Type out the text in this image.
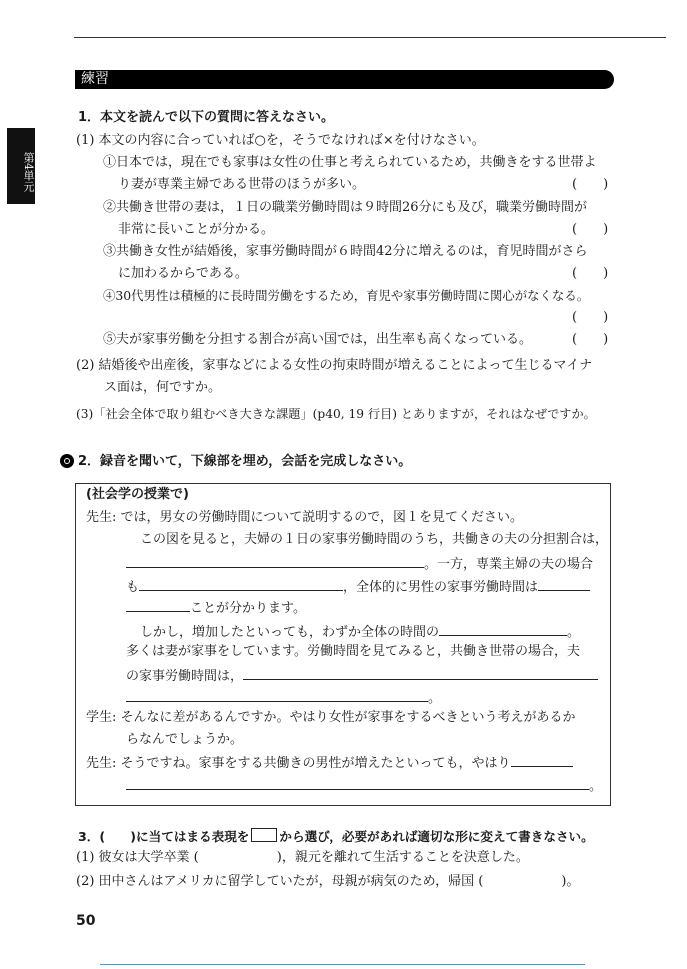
練習
第4単元
1．本文を読んで以下の質問に答えなさい。
(1) 本文の内容に合っていれば○を，そうでなければ×を付けなさい。
①日本では，現在でも家事は女性の仕事と考えられているため，共働きをする世帯よ
り妻が専業主婦である世帯のほうが多い。	(　　)
②共働き世帯の妻は，１日の職業労働時間は９時間26分にも及び，職業労働時間が
非常に長いことが分かる。	(　　)
③共働き女性が結婚後，家事労働時間が６時間42分に増えるのは，育児時間がさら
に加わるからである。	(　　)
④30代男性は積極的に長時間労働をするため，育児や家事労働時間に関心がなくなる。
(　　)
⑤夫が家事労働を分担する割合が高い国では，出生率も高くなっている。	(　　)
(2) 結婚後や出産後，家事などによる女性の拘束時間が増えることによって生じるマイナ
ス面は，何ですか。
(3)「社会全体で取り組むべき大きな課題」(p40, 19 行目) とありますが，それはなぜですか。
2．録音を聞いて，下線部を埋め，会話を完成しなさい。
(社会学の授業で)
先生: では，男女の労働時間について説明するので，図１を見てください。
この図を見ると，夫婦の１日の家事労働時間のうち，共働きの夫の分担割合は，
。一方，専業主婦の夫の場合
も	，全体的に男性の家事労働時間は
ことが分かります。
しかし，増加したといっても，わずか全体の時間の	。
多くは妻が家事をしています。労働時間を見てみると，共働き世帯の場合，夫
の家事労働時間は，
。
学生: そんなに差があるんですか。やはり女性が家事をするべきという考えがあるか
らなんでしょうか。
先生: そうですね。家事をする共働きの男性が増えたといっても，やはり
。
3．(　　)に当てはまる表現を から選び，必要があれば適切な形に変えて書きなさい。
(1) 彼女は大学卒業 (	)，親元を離れて生活することを決意した。
(2) 田中さんはアメリカに留学していたが，母親が病気のため，帰国 (	)。
50
